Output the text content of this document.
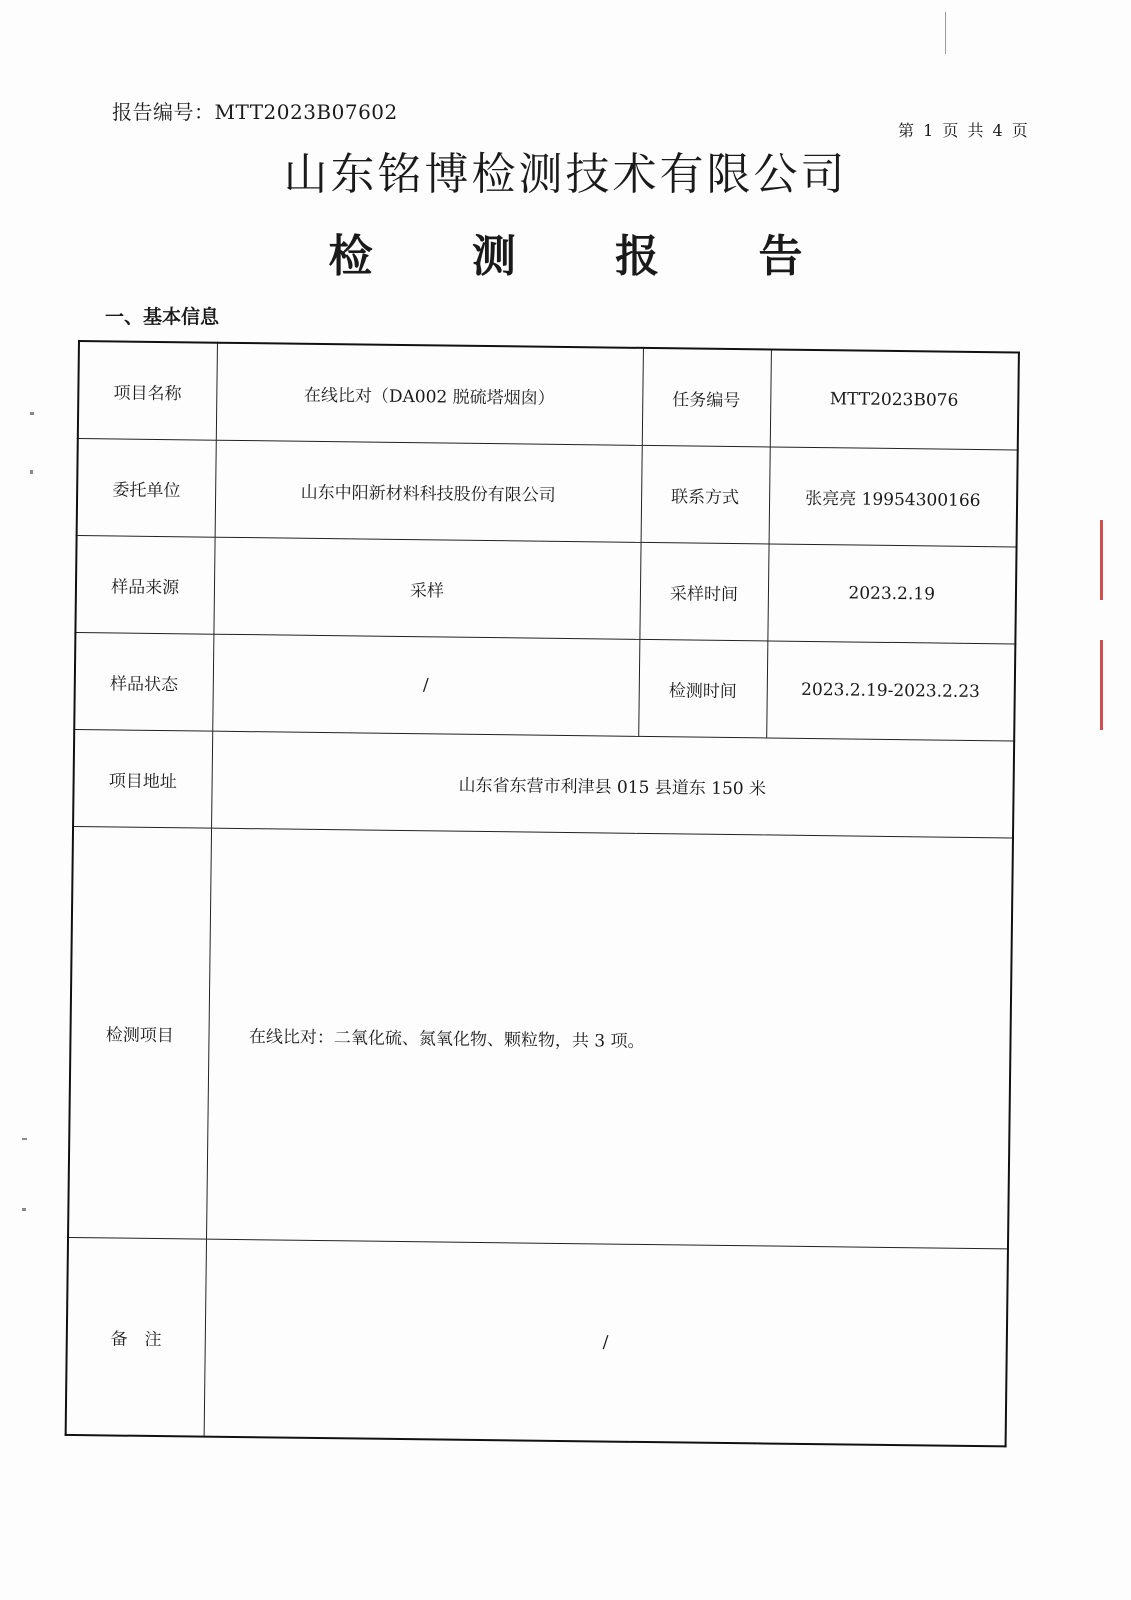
报告编号：MTT2023B07602
第 1 页 共 4 页
山东铭博检测技术有限公司
检 测 报 告
一、基本信息
项目名称	在线比对（DA002 脱硫塔烟囱）	任务编号	MTT2023B076
委托单位	山东中阳新材料科技股份有限公司	联系方式	张亮亮 19954300166
样品来源	采样	采样时间	2023.2.19
样品状态	/	检测时间	2023.2.19-2023.2.23
项目地址	山东省东营市利津县 015 县道东 150 米		
检测项目	在线比对：二氧化硫、氮氧化物、颗粒物，共 3 项。		
备　注	/		
